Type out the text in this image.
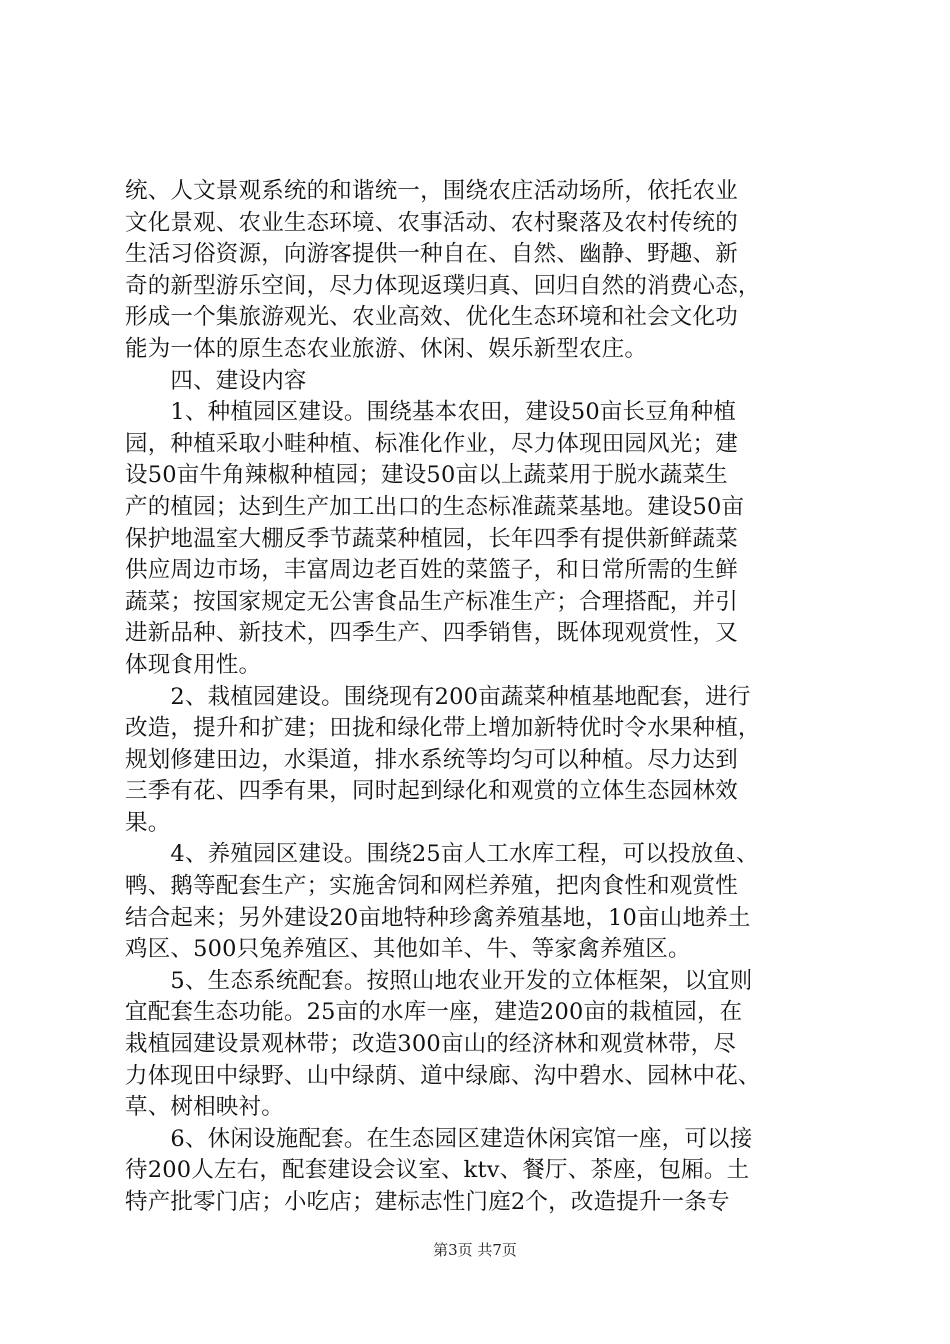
统、人文景观系统的和谐统一，围绕农庄活动场所，依托农业
文化景观、农业生态环境、农事活动、农村聚落及农村传统的
生活习俗资源，向游客提供一种自在、自然、幽静、野趣、新
奇的新型游乐空间，尽力体现返璞归真、回归自然的消费心态，
形成一个集旅游观光、农业高效、优化生态环境和社会文化功
能为一体的原生态农业旅游、休闲、娱乐新型农庄。
　　四、建设内容
　　1、种植园区建设。围绕基本农田，建设50亩长豆角种植
园，种植采取小畦种植、标准化作业，尽力体现田园风光；建
设50亩牛角辣椒种植园；建设50亩以上蔬菜用于脱水蔬菜生
产的植园；达到生产加工出口的生态标准蔬菜基地。建设50亩
保护地温室大棚反季节蔬菜种植园，长年四季有提供新鲜蔬菜
供应周边市场，丰富周边老百姓的菜篮子，和日常所需的生鲜
蔬菜；按国家规定无公害食品生产标准生产；合理搭配，并引
进新品种、新技术，四季生产、四季销售，既体现观赏性，又
体现食用性。
　　2、栽植园建设。围绕现有200亩蔬菜种植基地配套，进行
改造，提升和扩建；田拢和绿化带上增加新特优时令水果种植，
规划修建田边，水渠道，排水系统等均匀可以种植。尽力达到
三季有花、四季有果，同时起到绿化和观赏的立体生态园林效
果。
　　4、养殖园区建设。围绕25亩人工水库工程，可以投放鱼、
鸭、鹅等配套生产；实施舍饲和网栏养殖，把肉食性和观赏性
结合起来；另外建设20亩地特种珍禽养殖基地，10亩山地养土
鸡区、500只兔养殖区、其他如羊、牛、等家禽养殖区。
　　5、生态系统配套。按照山地农业开发的立体框架，以宜则
宜配套生态功能。25亩的水库一座，建造200亩的栽植园，在
栽植园建设景观林带；改造300亩山的经济林和观赏林带，尽
力体现田中绿野、山中绿荫、道中绿廊、沟中碧水、园林中花、
草、树相映衬。
　　6、休闲设施配套。在生态园区建造休闲宾馆一座，可以接
待200人左右，配套建设会议室、ktv、餐厅、茶座，包厢。土
特产批零门店；小吃店；建标志性门庭2个，改造提升一条专
第3页 共7页
